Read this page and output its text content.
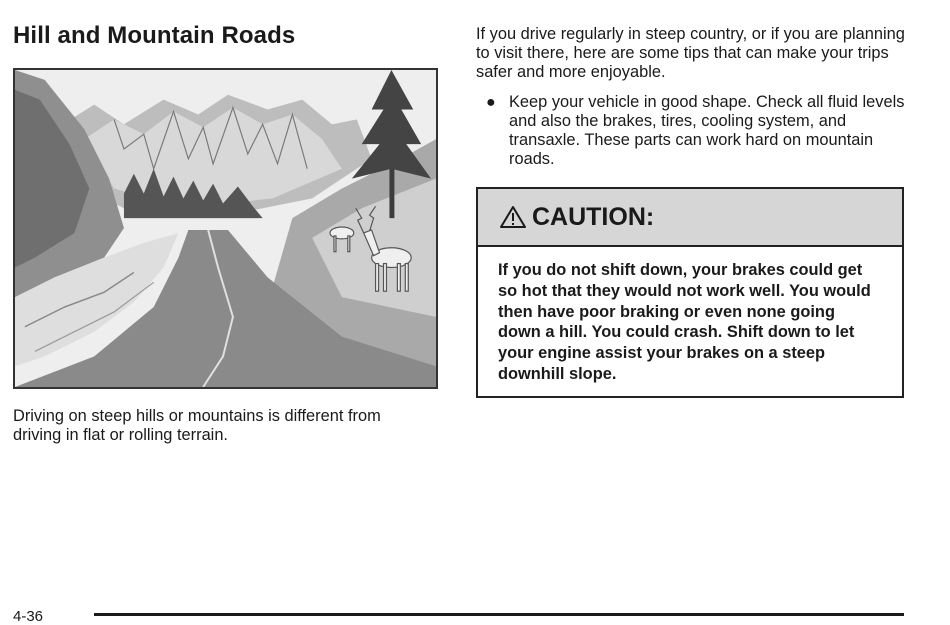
Hill and Mountain Roads

Driving on steep hills or mountains is different from driving in flat or rolling terrain.

If you drive regularly in steep country, or if you are planning to visit there, here are some tips that can make your trips safer and more enjoyable.

● Keep your vehicle in good shape. Check all fluid levels and also the brakes, tires, cooling system, and transaxle. These parts can work hard on mountain roads.
CAUTION:

If you do not shift down, your brakes could get so hot that they would not work well. You would then have poor braking or even none going down a hill. You could crash. Shift down to let your engine assist your brakes on a steep downhill slope.

4-36
